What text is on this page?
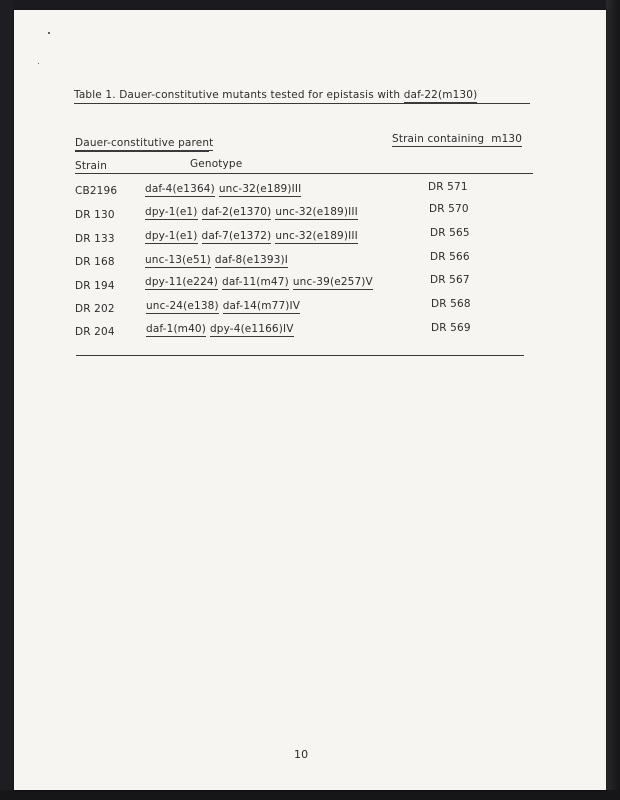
Table 1. Dauer-constitutive mutants tested for epistasis with daf-22(m130)
Dauer-constitutive parent	Strain containing m130
Strain	Genotype
CB2196	daf-4(e1364) unc-32(e189)III	DR 571
DR 130	dpy-1(e1) daf-2(e1370) unc-32(e189)III	DR 570
DR 133	dpy-1(e1) daf-7(e1372) unc-32(e189)III	DR 565
DR 168	unc-13(e51) daf-8(e1393)I	DR 566
DR 194	dpy-11(e224) daf-11(m47) unc-39(e257)V	DR 567
DR 202	unc-24(e138) daf-14(m77)IV	DR 568
DR 204	daf-1(m40) dpy-4(e1166)IV	DR 569
10
